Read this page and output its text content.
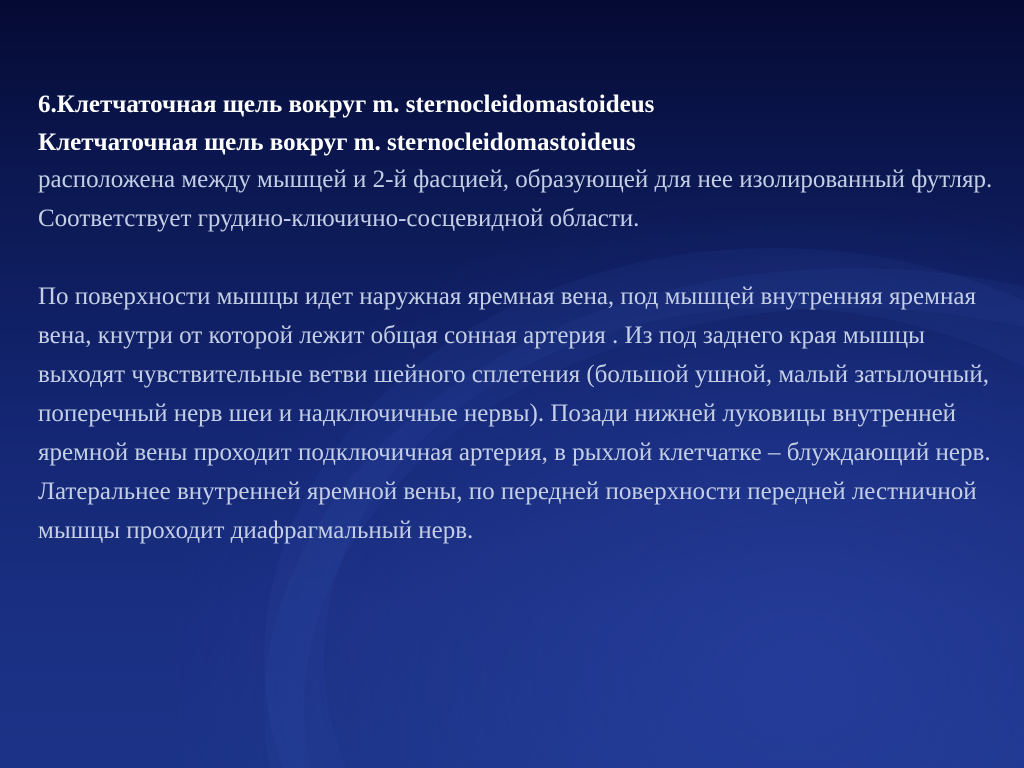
6.Клетчаточная щель вокруг m. sternocleidomastoideus

Клетчаточная щель вокруг m. sternocleidomastoideus

расположена между мышцей и 2-й фасцией, образующей для нее изолированный футляр. Соответствует грудино-ключично-сосцевидной области.

По поверхности мышцы идет наружная яремная вена, под мышцей внутренняя яремная вена, кнутри от которой лежит общая сонная артерия . Из под заднего края мышцы выходят чувствительные ветви шейного сплетения (большой ушной, малый затылочный, поперечный нерв шеи и надключичные нервы). Позади нижней луковицы внутренней яремной вены проходит подключичная артерия, в рыхлой клетчатке – блуждающий нерв. Латеральнее внутренней яремной вены, по передней поверхности передней лестничной мышцы проходит диафрагмальный нерв.
